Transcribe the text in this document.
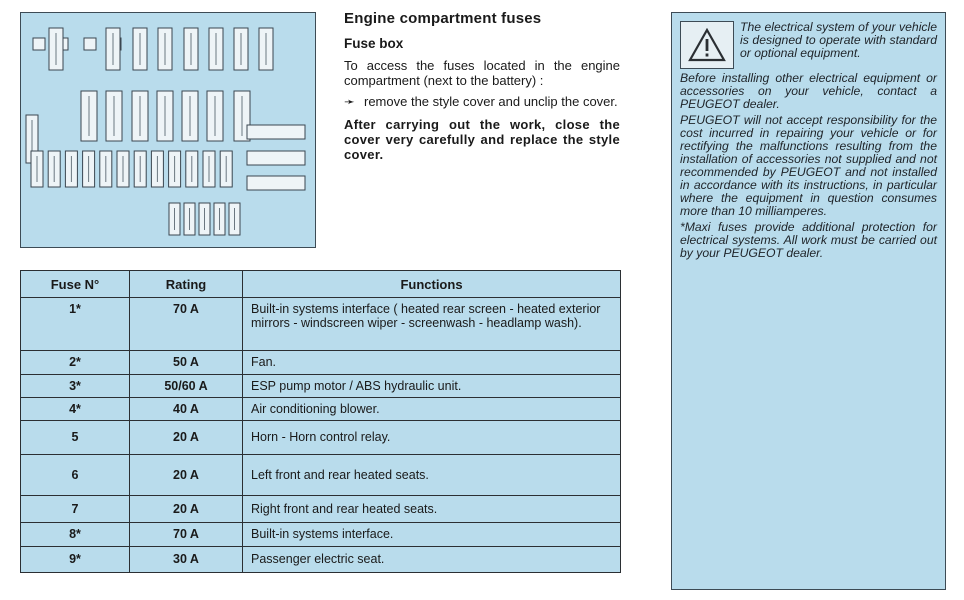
Engine compartment fuses
Fuse box

To access the fuses located in the engine compartment (next to the battery) :

➛ remove the style cover and unclip the cover.

After carrying out the work, close the cover very carefully and replace the style cover.

Fuse N°	Rating	Functions
1*	70 A	Built-in systems interface ( heated rear screen - heated exterior mirrors - windscreen wiper - screenwash - headlamp wash).
2*	50 A	Fan.
3*	50/60 A	ESP pump motor / ABS hydraulic unit.
4*	40 A	Air conditioning blower.
5	20 A	Horn - Horn control relay.
6	20 A	Left front and rear heated seats.
7	20 A	Right front and rear heated seats.
8*	70 A	Built-in systems interface.
9*	30 A	Passenger electric seat.

The electrical system of your vehicle is designed to operate with standard or optional equipment.

Before installing other electrical equipment or accessories on your vehicle, contact a PEUGEOT dealer.

PEUGEOT will not accept responsibility for the cost incurred in repairing your vehicle or for rectifying the malfunctions resulting from the installation of accessories not supplied and not recommended by PEUGEOT and not installed in accordance with its instructions, in particular where the equipment in question consumes more than 10 milliamperes.

*Maxi fuses provide additional protection for electrical systems. All work must be carried out by your PEUGEOT dealer.
